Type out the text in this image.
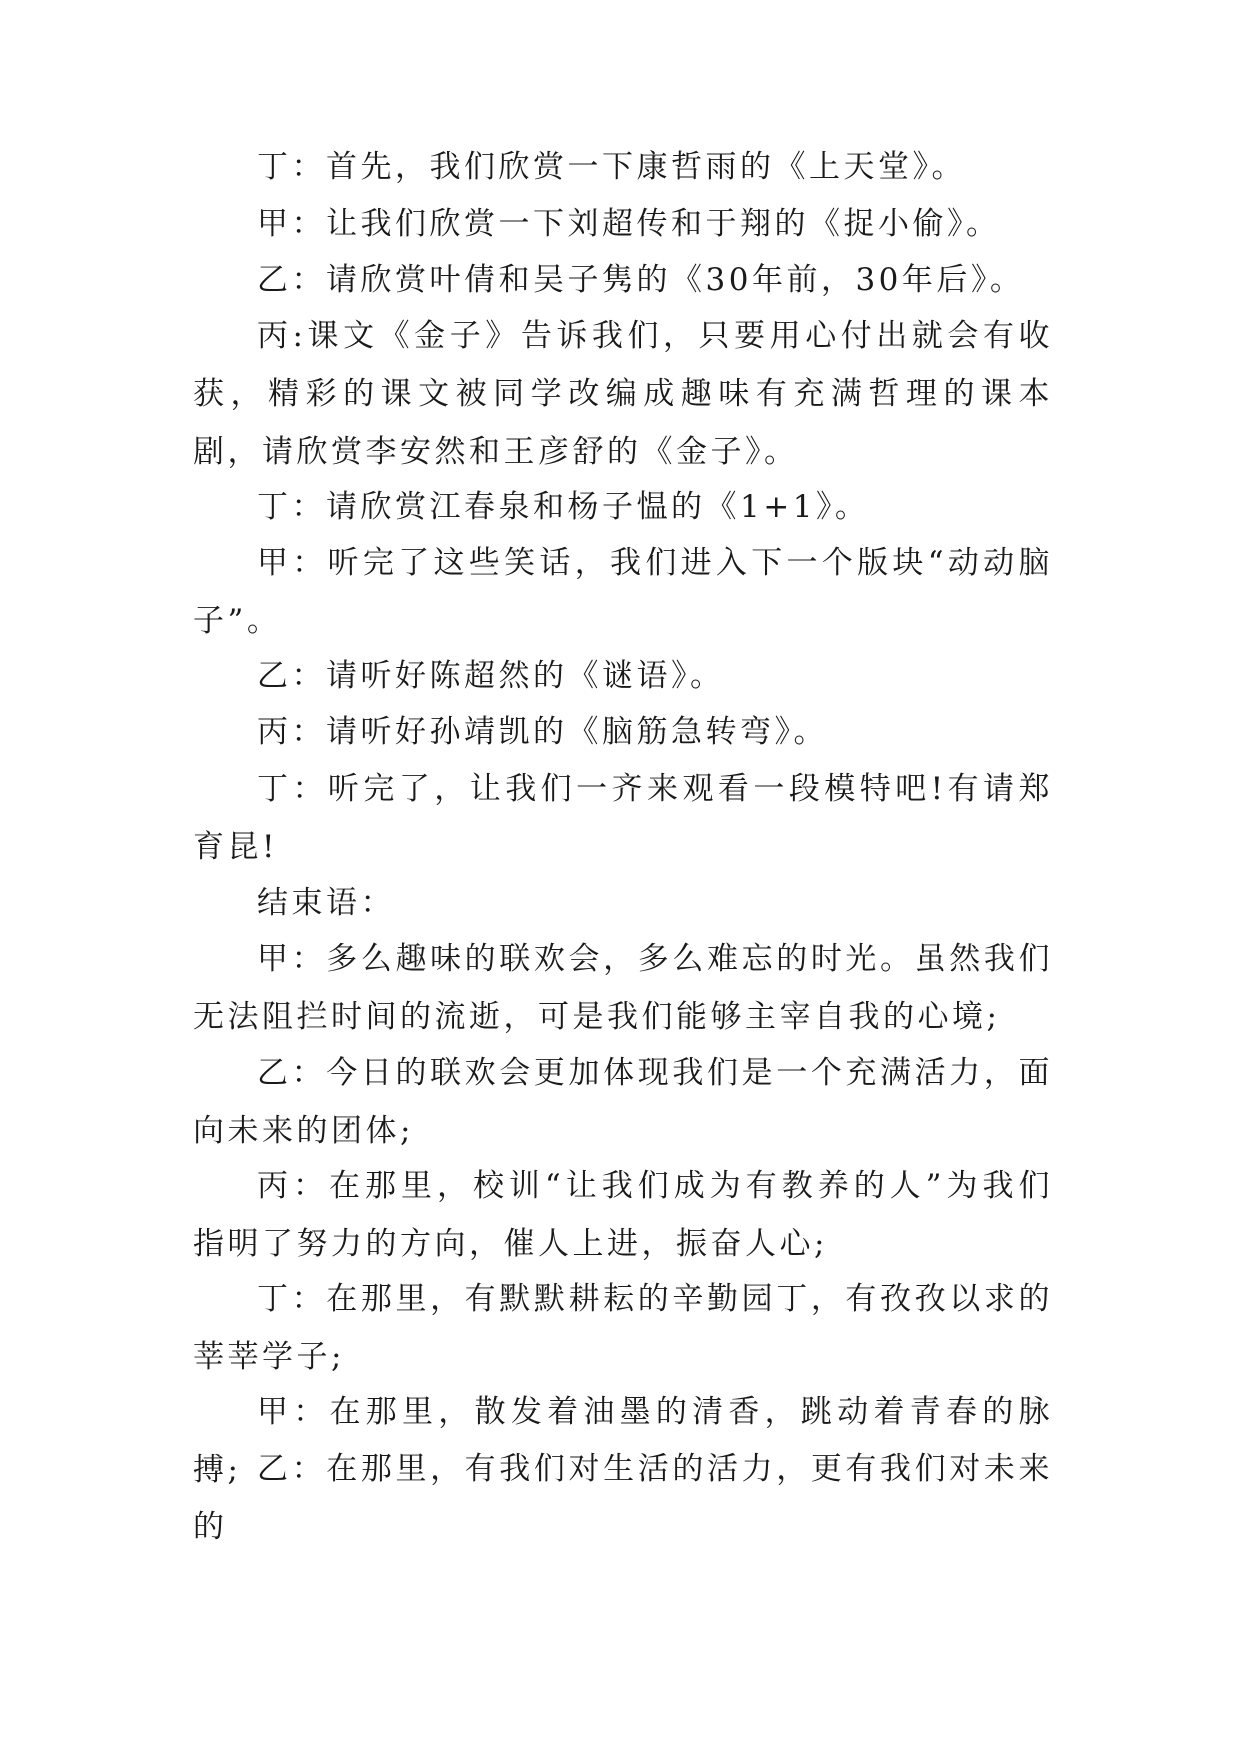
丁：首先，我们欣赏一下康哲雨的《上天堂》。

甲：让我们欣赏一下刘超传和于翔的《捉小偷》。

乙：请欣赏叶倩和吴子隽的《30年前，30年后》。

丙:课文《金子》告诉我们，只要用心付出就会有收获，精彩的课文被同学改编成趣味有充满哲理的课本剧，请欣赏李安然和王彦舒的《金子》。

丁：请欣赏江春泉和杨子愠的《1+1》。

甲：听完了这些笑话，我们进入下一个版块“动动脑子”。

乙：请听好陈超然的《谜语》。

丙：请听好孙靖凯的《脑筋急转弯》。

丁：听完了，让我们一齐来观看一段模特吧!有请郑育昆!

结束语：

甲：多么趣味的联欢会，多么难忘的时光。虽然我们无法阻拦时间的流逝，可是我们能够主宰自我的心境;

乙：今日的联欢会更加体现我们是一个充满活力，面向未来的团体;

丙：在那里，校训“让我们成为有教养的人”为我们指明了努力的方向，催人上进，振奋人心;

丁：在那里，有默默耕耘的辛勤园丁，有孜孜以求的莘莘学子;

甲：在那里，散发着油墨的清香，跳动着青春的脉搏; 乙：在那里，有我们对生活的活力，更有我们对未来的
